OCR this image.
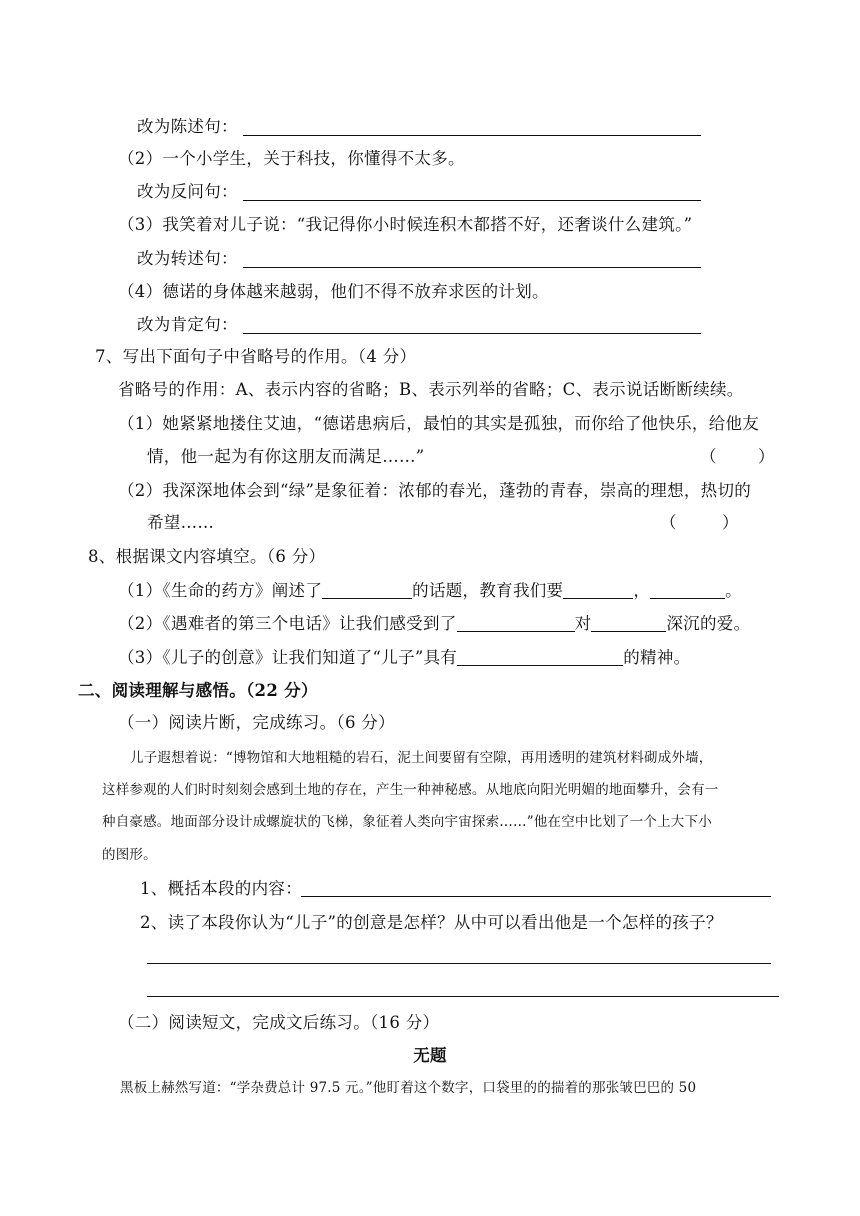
改为陈述句：
（2）一个小学生，关于科技，你懂得不太多。
改为反问句：
（3）我笑着对儿子说：“我记得你小时候连积木都搭不好，还奢谈什么建筑。”
改为转述句：
（4）德诺的身体越来越弱，他们不得不放弃求医的计划。
改为肯定句：
7、写出下面句子中省略号的作用。（4 分）
省略号的作用：A、表示内容的省略；B、表示列举的省略；C、表示说话断断续续。
（1）她紧紧地搂住艾迪，“德诺患病后，最怕的其实是孤独，而你给了他快乐，给他友
情，他一起为有你这朋友而满足……”	（	）
（2）我深深地体会到“绿”是象征着：浓郁的春光，蓬勃的青春，崇高的理想，热切的
希望……	（	）
8、根据课文内容填空。（6 分）
（1）《生命的药方》阐述了	的话题，教育我们要	，	。
（2）《遇难者的第三个电话》让我们感受到了	对	深沉的爱。
（3）《儿子的创意》让我们知道了“儿子”具有	的精神。
二、阅读理解与感悟。（22 分）
（一）阅读片断，完成练习。（6 分）
儿子遐想着说：“博物馆和大地粗糙的岩石，泥土间要留有空隙，再用透明的建筑材料砌成外墙，
这样参观的人们时时刻刻会感到土地的存在，产生一种神秘感。从地底向阳光明媚的地面攀升，会有一
种自豪感。地面部分设计成螺旋状的飞梯，象征着人类向宇宙探索……”他在空中比划了一个上大下小
的图形。
1、概括本段的内容：
2、读了本段你认为“儿子”的创意是怎样？从中可以看出他是一个怎样的孩子？
（二）阅读短文，完成文后练习。（16 分）
无题
黑板上赫然写道：“学杂费总计 97.5 元。”他盯着这个数字，口袋里的的揣着的那张皱巴巴的 50
